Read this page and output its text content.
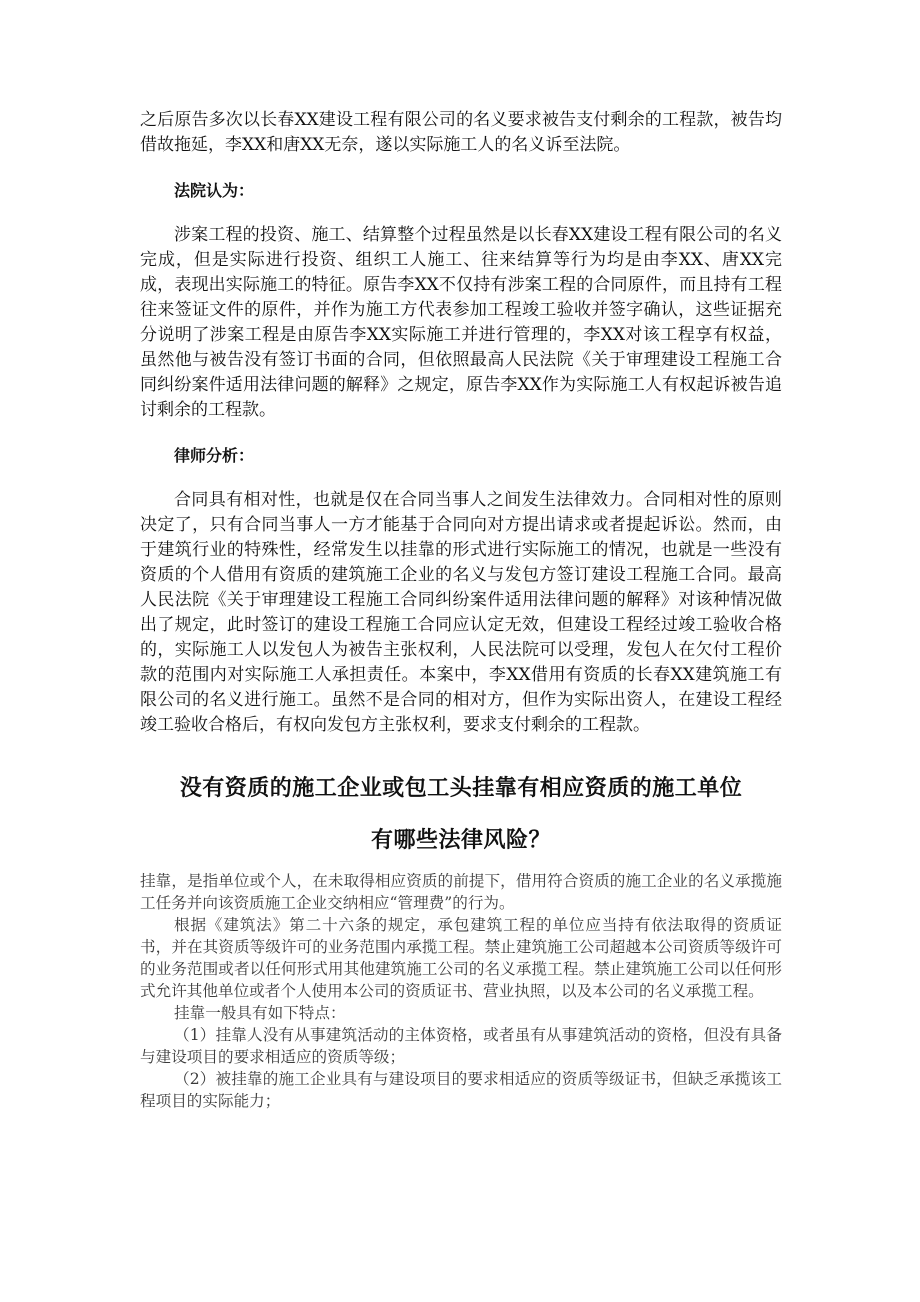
之后原告多次以长春XX建设工程有限公司的名义要求被告支付剩余的工程款，被告均借故拖延，李XX和唐XX无奈，遂以实际施工人的名义诉至法院。

法院认为：

涉案工程的投资、施工、结算整个过程虽然是以长春XX建设工程有限公司的名义完成，但是实际进行投资、组织工人施工、往来结算等行为均是由李XX、唐XX完成，表现出实际施工的特征。原告李XX不仅持有涉案工程的合同原件，而且持有工程往来签证文件的原件，并作为施工方代表参加工程竣工验收并签字确认，这些证据充分说明了涉案工程是由原告李XX实际施工并进行管理的，李XX对该工程享有权益，虽然他与被告没有签订书面的合同，但依照最高人民法院《关于审理建设工程施工合同纠纷案件适用法律问题的解释》之规定，原告李XX作为实际施工人有权起诉被告追讨剩余的工程款。

律师分析：

合同具有相对性，也就是仅在合同当事人之间发生法律效力。合同相对性的原则决定了，只有合同当事人一方才能基于合同向对方提出请求或者提起诉讼。然而，由于建筑行业的特殊性，经常发生以挂靠的形式进行实际施工的情况，也就是一些没有资质的个人借用有资质的建筑施工企业的名义与发包方签订建设工程施工合同。最高人民法院《关于审理建设工程施工合同纠纷案件适用法律问题的解释》对该种情况做出了规定，此时签订的建设工程施工合同应认定无效，但建设工程经过竣工验收合格的，实际施工人以发包人为被告主张权利，人民法院可以受理，发包人在欠付工程价款的范围内对实际施工人承担责任。本案中，李XX借用有资质的长春XX建筑施工有限公司的名义进行施工。虽然不是合同的相对方，但作为实际出资人，在建设工程经竣工验收合格后，有权向发包方主张权利，要求支付剩余的工程款。

没有资质的施工企业或包工头挂靠有相应资质的施工单位
有哪些法律风险？

挂靠，是指单位或个人，在未取得相应资质的前提下，借用符合资质的施工企业的名义承揽施工任务并向该资质施工企业交纳相应“管理费”的行为。

根据《建筑法》第二十六条的规定，承包建筑工程的单位应当持有依法取得的资质证书，并在其资质等级许可的业务范围内承揽工程。禁止建筑施工公司超越本公司资质等级许可的业务范围或者以任何形式用其他建筑施工公司的名义承揽工程。禁止建筑施工公司以任何形式允许其他单位或者个人使用本公司的资质证书、营业执照，以及本公司的名义承揽工程。

挂靠一般具有如下特点：

（1）挂靠人没有从事建筑活动的主体资格，或者虽有从事建筑活动的资格，但没有具备与建设项目的要求相适应的资质等级；

（2）被挂靠的施工企业具有与建设项目的要求相适应的资质等级证书，但缺乏承揽该工程项目的实际能力；
